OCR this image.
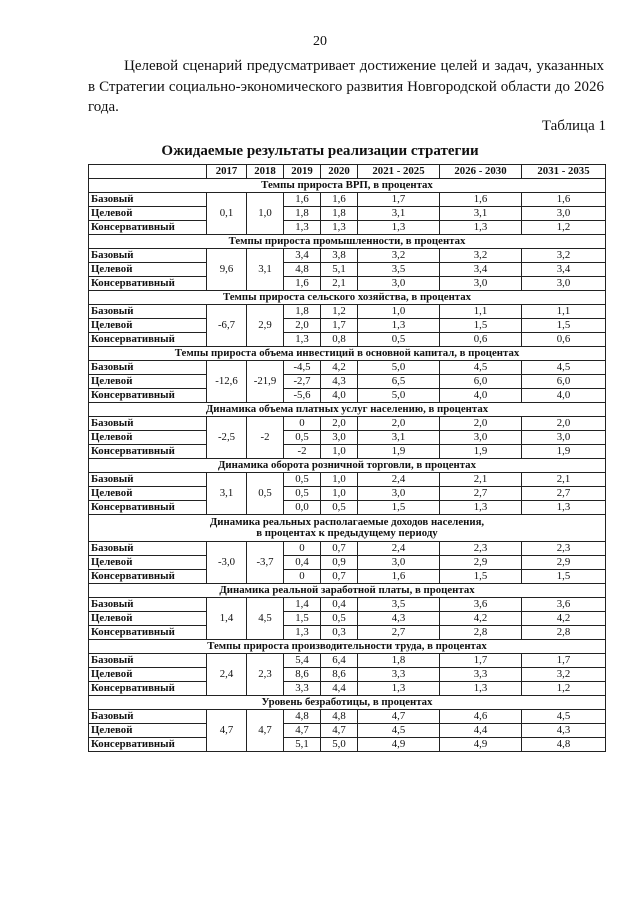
20

Целевой сценарий предусматривает достижение целей и задач, указанных в Стратегии социально-экономического развития Новгородской области до 2026 года.

Таблица 1
Ожидаемые результаты реализации стратегии
	2017	2018	2019	2020	2021 - 2025	2026 - 2030	2031 - 2035
Темпы прироста ВРП, в процентах							
Базовый	0,1	1,0	1,6	1,6	1,7	1,6	1,6
Целевой			1,8	1,8	3,1	3,1	3,0
Консервативный			1,3	1,3	1,3	1,3	1,2
Темпы прироста промышленности, в процентах							
Базовый	9,6	3,1	3,4	3,8	3,2	3,2	3,2
Целевой			4,8	5,1	3,5	3,4	3,4
Консервативный			1,6	2,1	3,0	3,0	3,0
Темпы прироста сельского хозяйства, в процентах							
Базовый	-6,7	2,9	1,8	1,2	1,0	1,1	1,1
Целевой			2,0	1,7	1,3	1,5	1,5
Консервативный			1,3	0,8	0,5	0,6	0,6
Темпы прироста объема инвестиций в основной капитал, в процентах							
Базовый	-12,6	-21,9	-4,5	4,2	5,0	4,5	4,5
Целевой			-2,7	4,3	6,5	6,0	6,0
Консервативный			-5,6	4,0	5,0	4,0	4,0
Динамика объема платных услуг населению, в процентах							
Базовый	-2,5	-2	0	2,0	2,0	2,0	2,0
Целевой			0,5	3,0	3,1	3,0	3,0
Консервативный			-2	1,0	1,9	1,9	1,9
Динамика оборота розничной торговли, в процентах							
Базовый	3,1	0,5	0,5	1,0	2,4	2,1	2,1
Целевой			0,5	1,0	3,0	2,7	2,7
Консервативный			0,0	0,5	1,5	1,3	1,3

Динамика реальных располагаемые доходов населения,
в процентах к предыдущему периоду							

Базовый	-3,0	-3,7	0	0,7	2,4	2,3	2,3
Целевой			0,4	0,9	3,0	2,9	2,9
Консервативный			0	0,7	1,6	1,5	1,5
Динамика реальной заработной платы, в процентах							
Базовый	1,4	4,5	1,4	0,4	3,5	3,6	3,6
Целевой			1,5	0,5	4,3	4,2	4,2
Консервативный			1,3	0,3	2,7	2,8	2,8
Темпы прироста производительности труда, в процентах							
Базовый	2,4	2,3	5,4	6,4	1,8	1,7	1,7
Целевой			8,6	8,6	3,3	3,3	3,2
Консервативный			3,3	4,4	1,3	1,3	1,2
Уровень безработицы, в процентах							
Базовый	4,7	4,7	4,8	4,8	4,7	4,6	4,5
Целевой			4,7	4,7	4,5	4,4	4,3
Консервативный			5,1	5,0	4,9	4,9	4,8
